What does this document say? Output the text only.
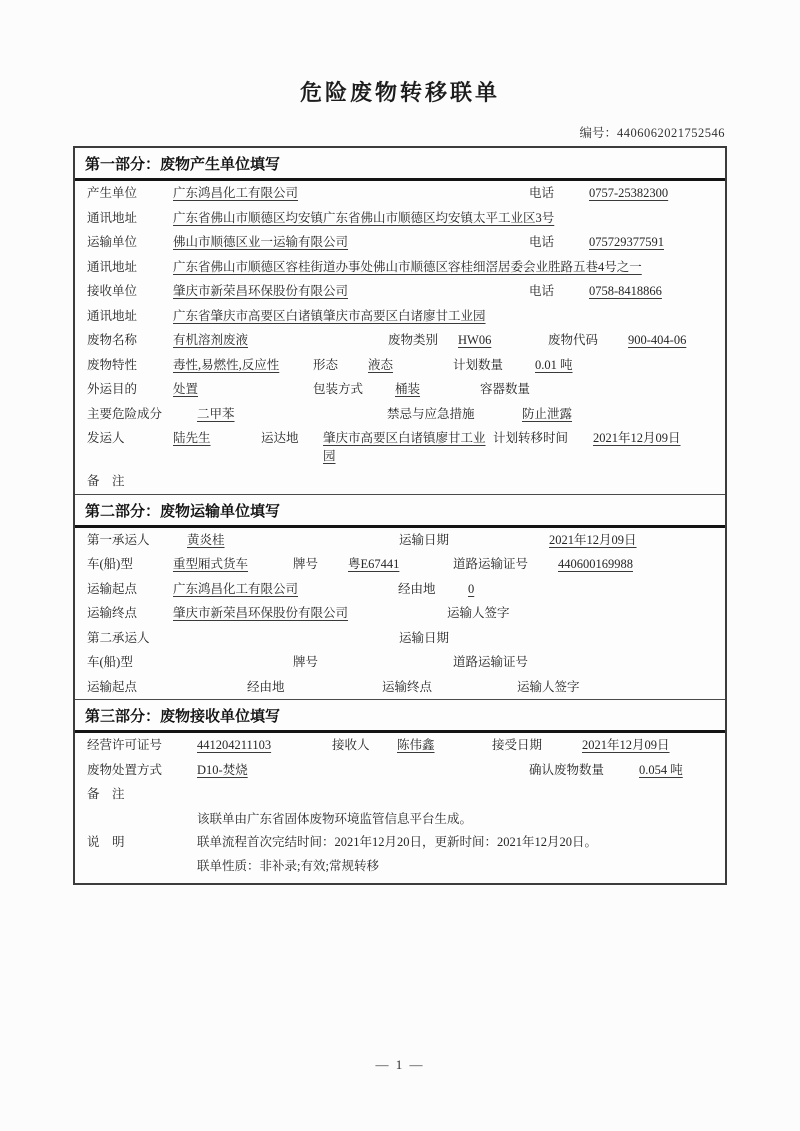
危险废物转移联单
编号：4406062021752546
第一部分：废物产生单位填写
产生单位	广东鸿昌化工有限公司	电话	0757-25382300
通讯地址	广东省佛山市顺德区均安镇广东省佛山市顺德区均安镇太平工业区3号
运输单位	佛山市顺德区业一运输有限公司	电话	075729377591
通讯地址	广东省佛山市顺德区容桂街道办事处佛山市顺德区容桂细滘居委会业胜路五巷4号之一
接收单位	肇庆市新荣昌环保股份有限公司	电话	0758-8418866
通讯地址	广东省肇庆市高要区白诸镇肇庆市高要区白诸廖甘工业园
废物名称	有机溶剂废液	废物类别	HW06	废物代码	900-404-06
废物特性	毒性,易燃性,反应性	形态	液态	计划数量	0.01 吨
外运目的	处置	包装方式	桶装	容器数量
主要危险成分	二甲苯	禁忌与应急措施	防止泄露
发运人	陆先生	运达地	肇庆市高要区白诸镇廖甘工业园
计划转移时间	2021年12月09日
备　注
第二部分：废物运输单位填写
第一承运人	黄炎桂	运输日期	2021年12月09日
车(船)型	重型厢式货车	牌号	粤E67441	道路运输证号	440600169988
运输起点	广东鸿昌化工有限公司	经由地	0
运输终点	肇庆市新荣昌环保股份有限公司	运输人签字
第二承运人	运输日期
车(船)型	牌号	道路运输证号
运输起点	经由地	运输终点	运输人签字
第三部分：废物接收单位填写
经营许可证号	441204211103	接收人	陈伟鑫	接受日期	2021年12月09日
废物处置方式	D10-焚烧	确认废物数量	0.054 吨
备　注
说　明
该联单由广东省固体废物环境监管信息平台生成。
联单流程首次完结时间：2021年12月20日，更新时间：2021年12月20日。
联单性质：非补录;有效;常规转移
— 1 —
